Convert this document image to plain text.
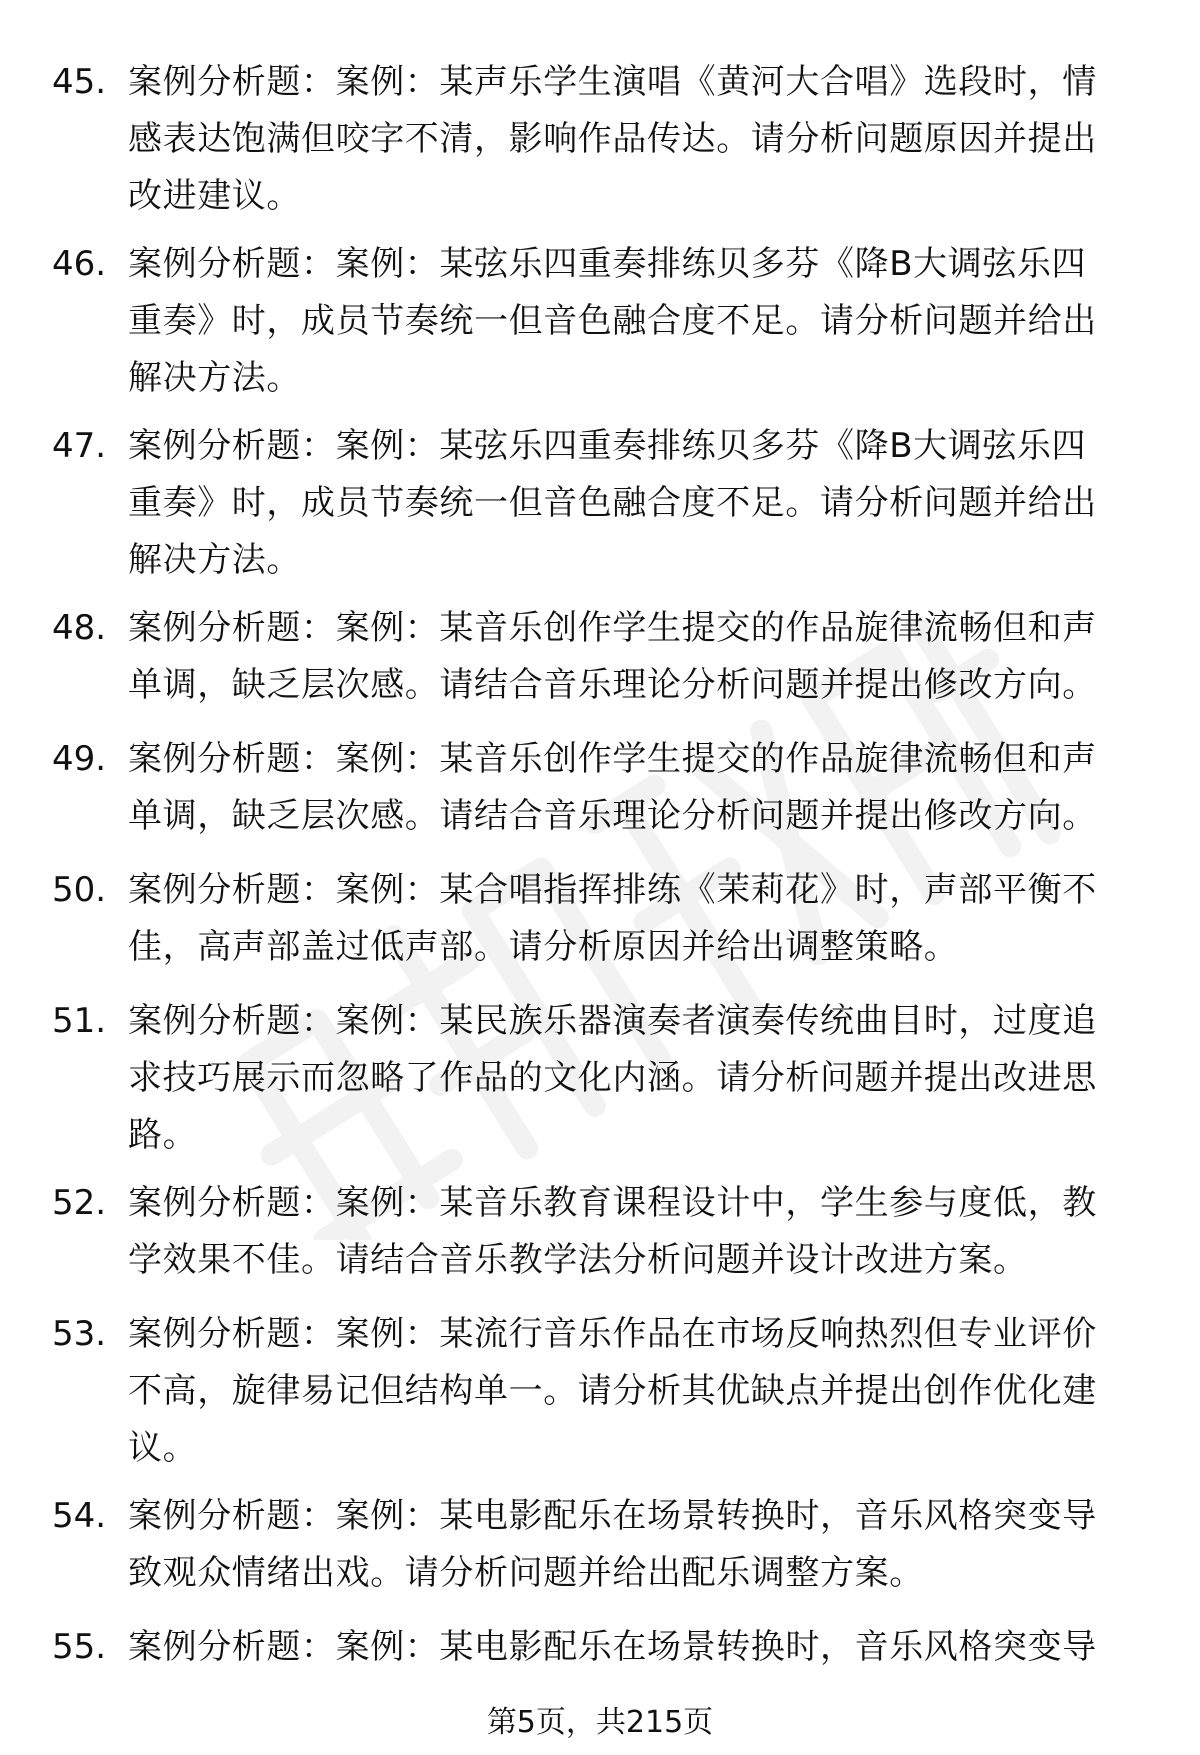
45. 案例分析题：案例：某声乐学生演唱《黄河大合唱》选段时，情
感表达饱满但咬字不清，影响作品传达。请分析问题原因并提出
改进建议。
46. 案例分析题：案例：某弦乐四重奏排练贝多芬《降B大调弦乐四
重奏》时，成员节奏统一但音色融合度不足。请分析问题并给出
解决方法。
47. 案例分析题：案例：某弦乐四重奏排练贝多芬《降B大调弦乐四
重奏》时，成员节奏统一但音色融合度不足。请分析问题并给出
解决方法。
48. 案例分析题：案例：某音乐创作学生提交的作品旋律流畅但和声
单调，缺乏层次感。请结合音乐理论分析问题并提出修改方向。
49. 案例分析题：案例：某音乐创作学生提交的作品旋律流畅但和声
单调，缺乏层次感。请结合音乐理论分析问题并提出修改方向。
50. 案例分析题：案例：某合唱指挥排练《茉莉花》时，声部平衡不
佳，高声部盖过低声部。请分析原因并给出调整策略。
51. 案例分析题：案例：某民族乐器演奏者演奏传统曲目时，过度追
求技巧展示而忽略了作品的文化内涵。请分析问题并提出改进思
路。
52. 案例分析题：案例：某音乐教育课程设计中，学生参与度低，教
学效果不佳。请结合音乐教学法分析问题并设计改进方案。
53. 案例分析题：案例：某流行音乐作品在市场反响热烈但专业评价
不高，旋律易记但结构单一。请分析其优缺点并提出创作优化建
议。
54. 案例分析题：案例：某电影配乐在场景转换时，音乐风格突变导
致观众情绪出戏。请分析问题并给出配乐调整方案。
55. 案例分析题：案例：某电影配乐在场景转换时，音乐风格突变导
第5页，共215页
